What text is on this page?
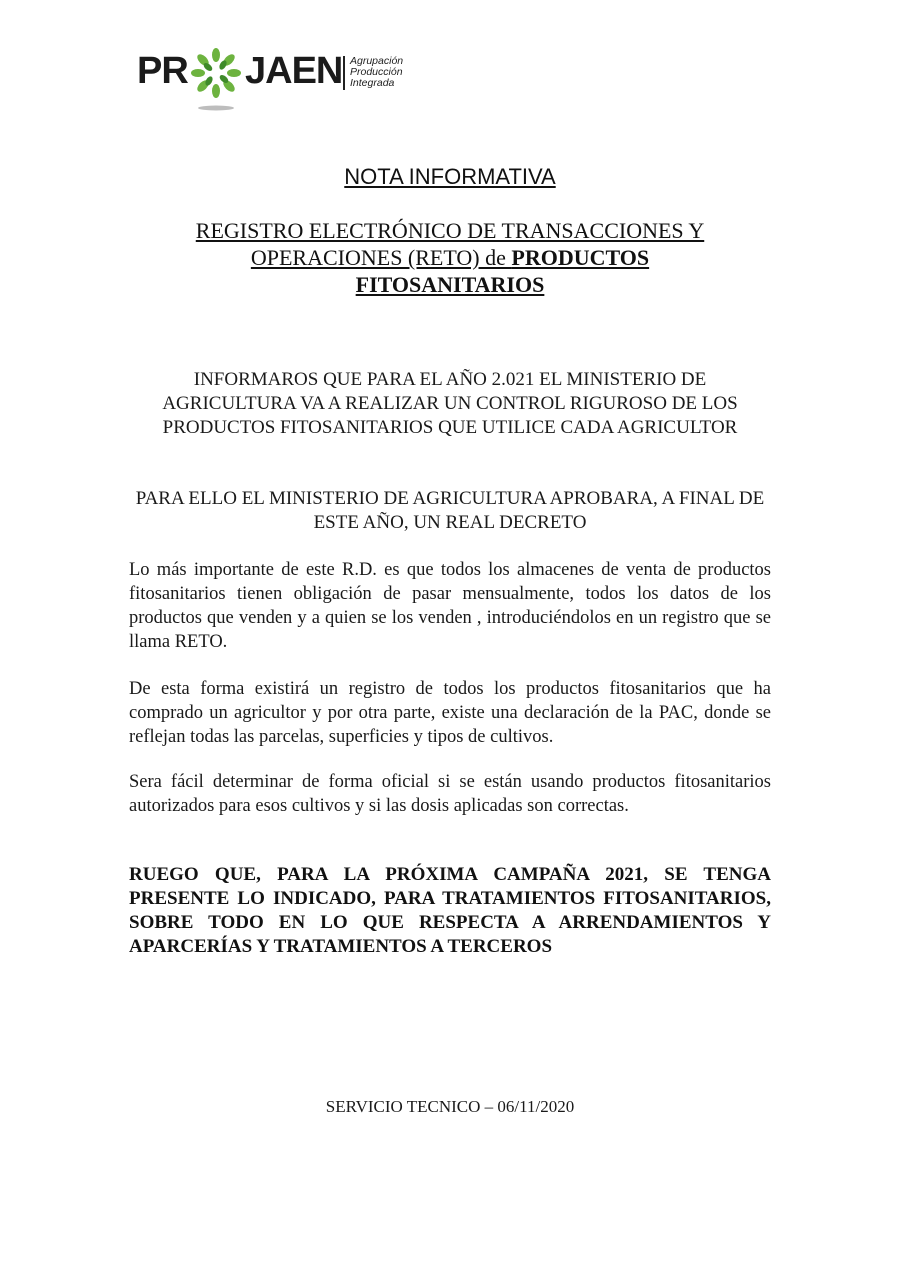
PR JAEN Agrupación
Producción
Integrada
NOTA INFORMATIVA
REGISTRO ELECTRÓNICO DE TRANSACCIONES Y
OPERACIONES (RETO) de PRODUCTOS
FITOSANITARIOS
INFORMAROS QUE PARA EL AÑO 2.021 EL MINISTERIO DE AGRICULTURA VA A REALIZAR UN CONTROL RIGUROSO DE LOS PRODUCTOS FITOSANITARIOS QUE UTILICE CADA AGRICULTOR
PARA ELLO EL MINISTERIO DE AGRICULTURA APROBARA, A FINAL DE ESTE AÑO, UN REAL DECRETO
Lo más importante de este R.D. es que todos los almacenes de venta de productos fitosanitarios tienen obligación de pasar mensualmente, todos los datos de los productos que venden y a quien se los venden , introduciéndolos en un registro que se llama RETO.
De esta forma existirá un registro de todos los productos fitosanitarios que ha comprado un agricultor y por otra parte, existe una declaración de la PAC, donde se reflejan todas las parcelas, superficies y tipos de cultivos.
Sera fácil determinar de forma oficial si se están usando productos fitosanitarios autorizados para esos cultivos y si las dosis aplicadas son correctas.
RUEGO QUE, PARA LA PRÓXIMA CAMPAÑA 2021, SE TENGA PRESENTE LO INDICADO, PARA TRATAMIENTOS FITOSANITARIOS, SOBRE TODO EN LO QUE RESPECTA A ARRENDAMIENTOS Y APARCERÍAS Y TRATAMIENTOS A TERCEROS
SERVICIO TECNICO – 06/11/2020
